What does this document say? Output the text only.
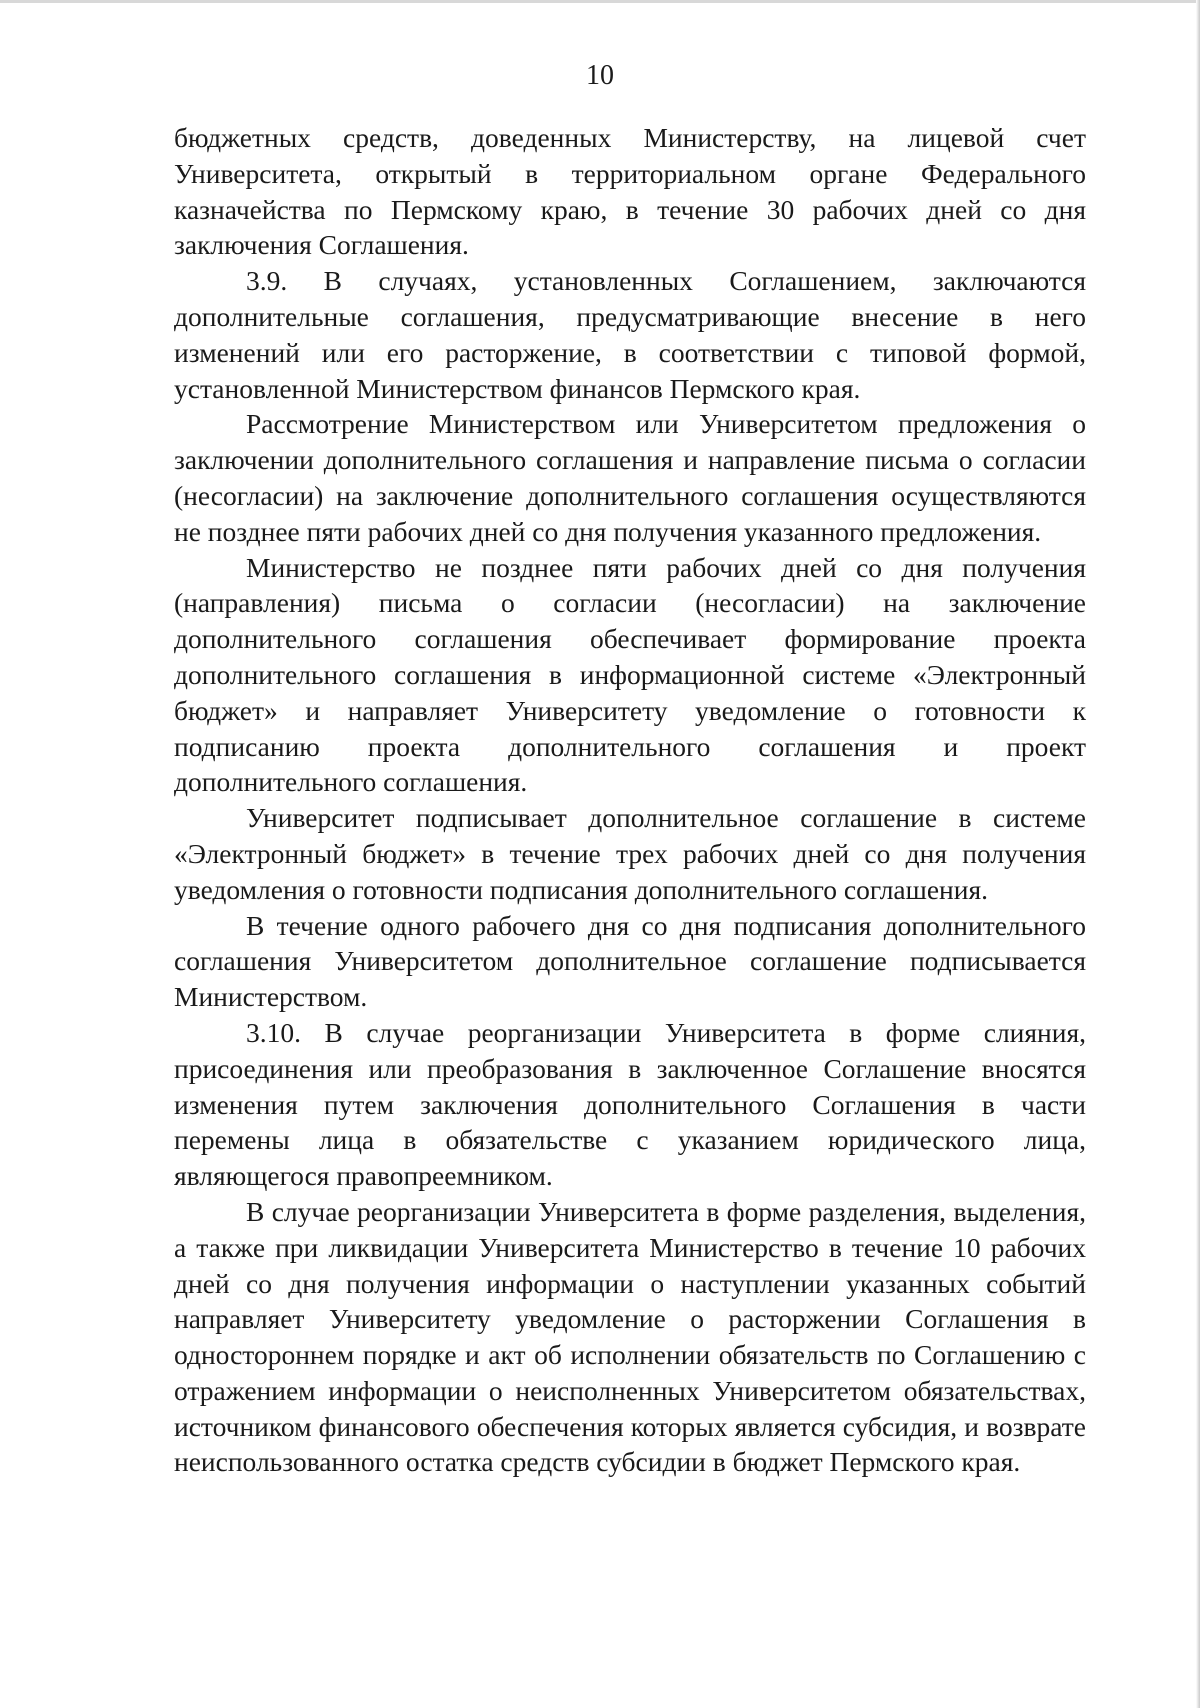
10

бюджетных средств, доведенных Министерству, на лицевой счет Университета, открытый в территориальном органе Федерального казначейства по Пермскому краю, в течение 30 рабочих дней со дня заключения Соглашения.

3.9. В случаях, установленных Соглашением, заключаются дополнительные соглашения, предусматривающие внесение в него изменений или его расторжение, в соответствии с типовой формой, установленной Министерством финансов Пермского края.

Рассмотрение Министерством или Университетом предложения о заключении дополнительного соглашения и направление письма о согласии (несогласии) на заключение дополнительного соглашения осуществляются не позднее пяти рабочих дней со дня получения указанного предложения.

Министерство не позднее пяти рабочих дней со дня получения (направления) письма о согласии (несогласии) на заключение дополнительного соглашения обеспечивает формирование проекта дополнительного соглашения в информационной системе «Электронный бюджет» и направляет Университету уведомление о готовности к подписанию проекта дополнительного соглашения и проект дополнительного соглашения.

Университет подписывает дополнительное соглашение в системе «Электронный бюджет» в течение трех рабочих дней со дня получения уведомления о готовности подписания дополнительного соглашения.

В течение одного рабочего дня со дня подписания дополнительного соглашения Университетом дополнительное соглашение подписывается Министерством.

3.10. В случае реорганизации Университета в форме слияния, присоединения или преобразования в заключенное Соглашение вносятся изменения путем заключения дополнительного Соглашения в части перемены лица в обязательстве с указанием юридического лица, являющегося правопреемником.

В случае реорганизации Университета в форме разделения, выделения, а также при ликвидации Университета Министерство в течение 10 рабочих дней со дня получения информации о наступлении указанных событий направляет Университету уведомление о расторжении Соглашения в одностороннем порядке и акт об исполнении обязательств по Соглашению с отражением информации о неисполненных Университетом обязательствах, источником финансового обеспечения которых является субсидия, и возврате неиспользованного остатка средств субсидии в бюджет Пермского края.
